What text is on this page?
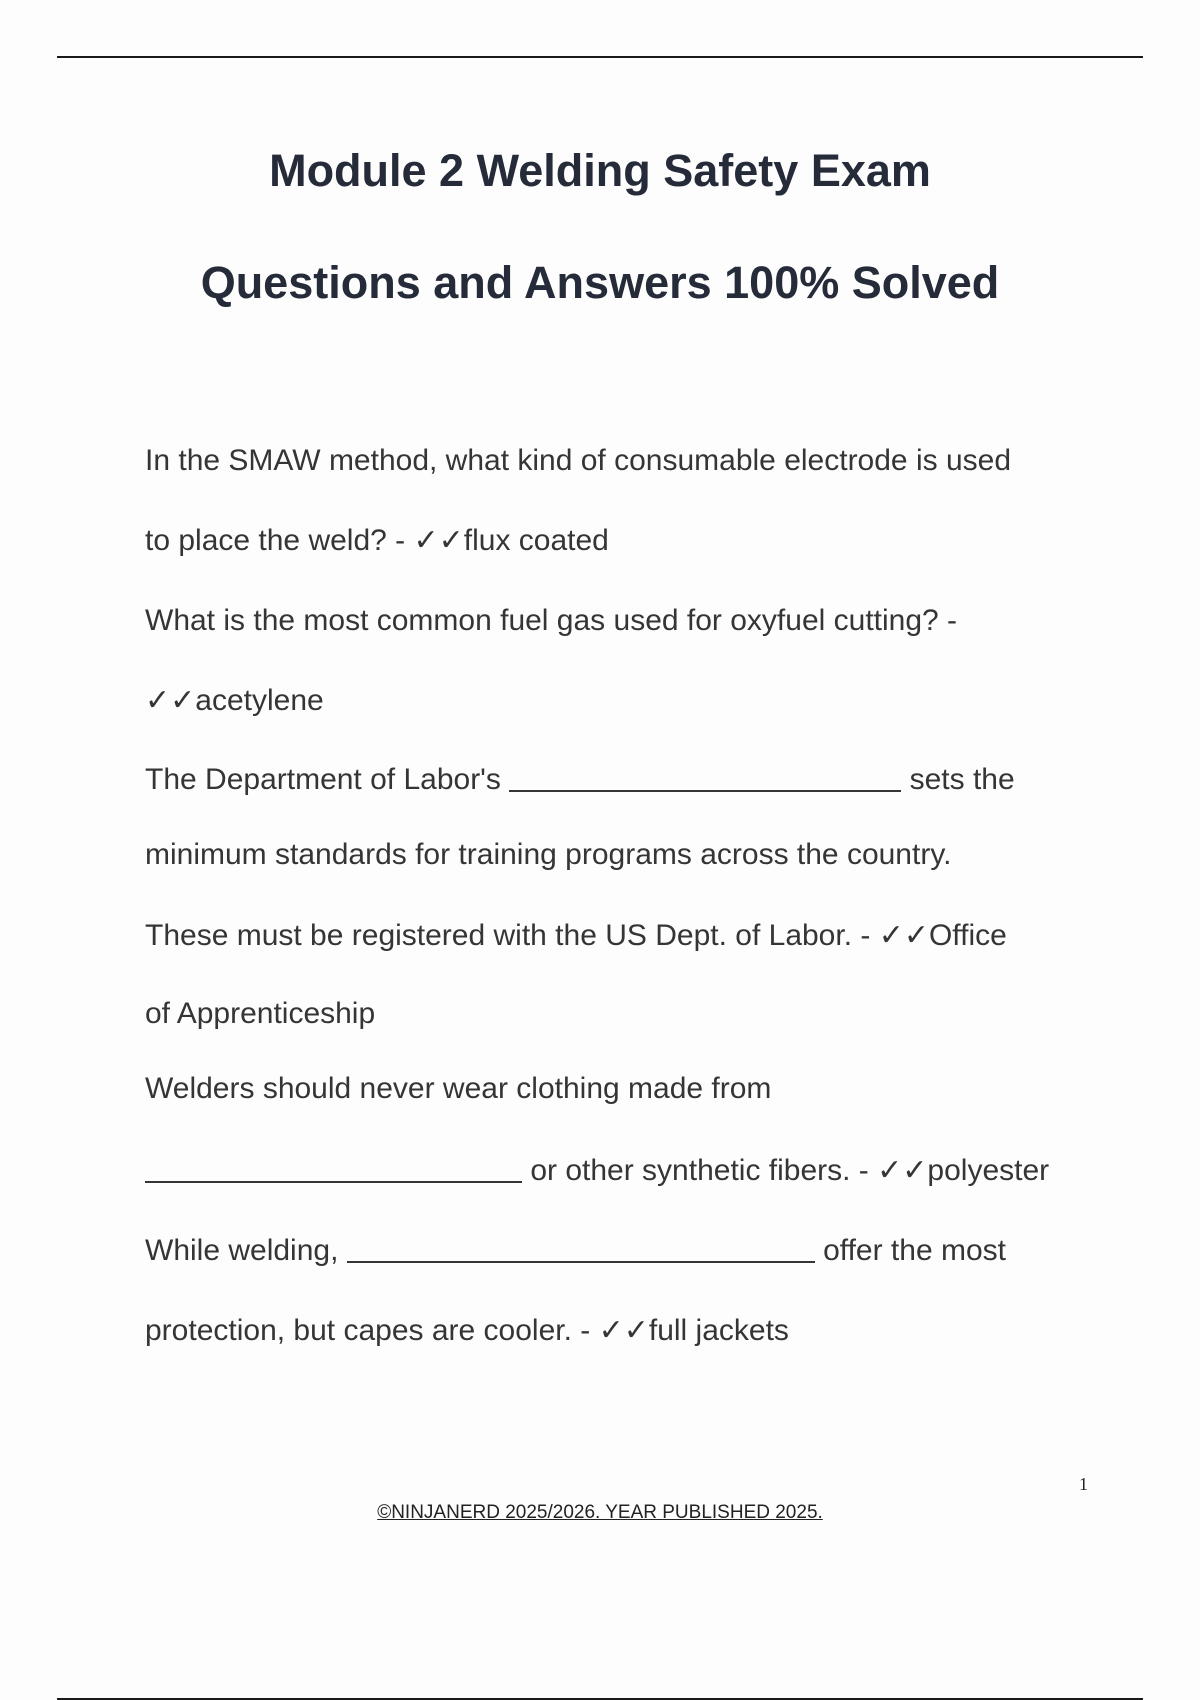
Module 2 Welding Safety Exam
Questions and Answers 100% Solved

In the SMAW method, what kind of consumable electrode is used

to place the weld? - ✓✓flux coated

What is the most common fuel gas used for oxyfuel cutting? -

✓✓acetylene

The Department of Labor's	sets the

minimum standards for training programs across the country.

These must be registered with the US Dept. of Labor. - ✓✓Office

of Apprenticeship

Welders should never wear clothing made from

or other synthetic fibers. - ✓✓polyester

While welding,	offer the most

protection, but capes are cooler. - ✓✓full jackets

1
©NINJANERD 2025/2026. YEAR PUBLISHED 2025.
